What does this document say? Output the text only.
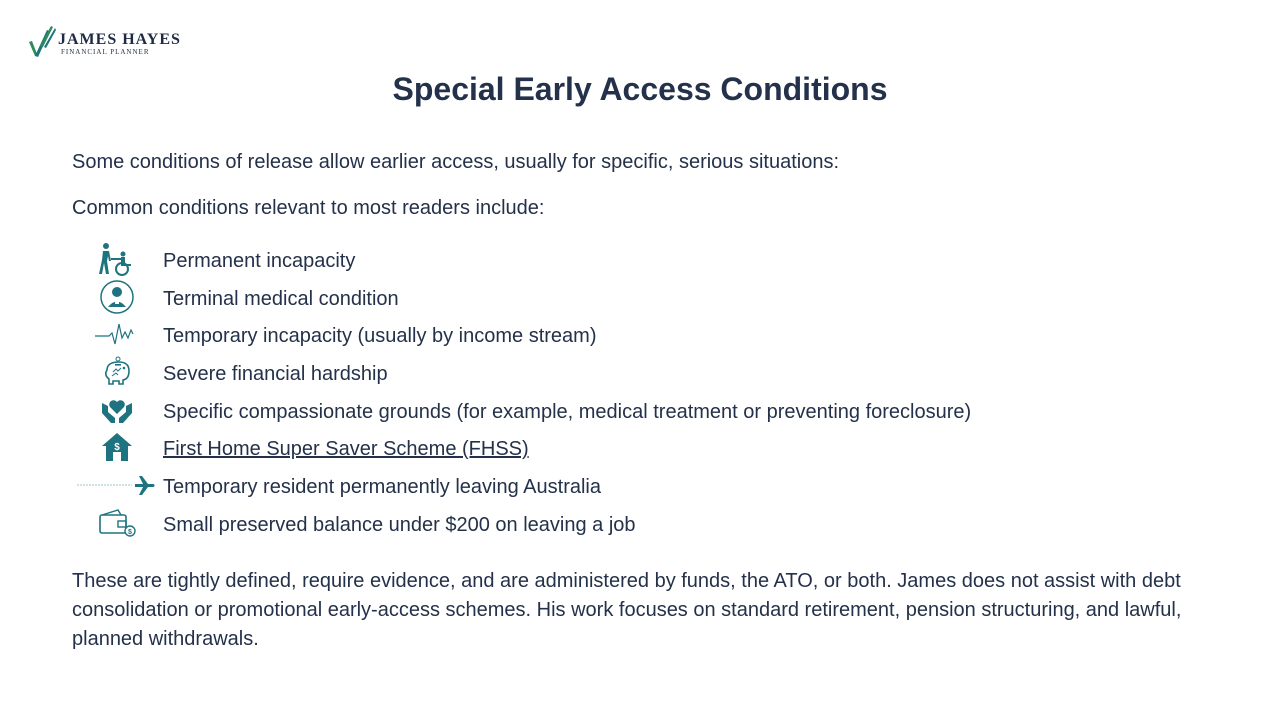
JAMES HAYES

FINANCIAL PLANNER

Special Early Access Conditions

Some conditions of release allow earlier access, usually for specific, serious situations:

Common conditions relevant to most readers include:

Permanent incapacity
Terminal medical condition
Temporary incapacity (usually by income stream)
Severe financial hardship
Specific compassionate grounds (for example, medical treatment or preventing foreclosure)
$ First Home Super Saver Scheme (FHSS)
Temporary resident permanently leaving Australia
$ Small preserved balance under $200 on leaving a job

These are tightly defined, require evidence, and are administered by funds, the ATO, or both. James does not assist with debt consolidation or promotional early-access schemes. His work focuses on standard retirement, pension structuring, and lawful, planned withdrawals.
